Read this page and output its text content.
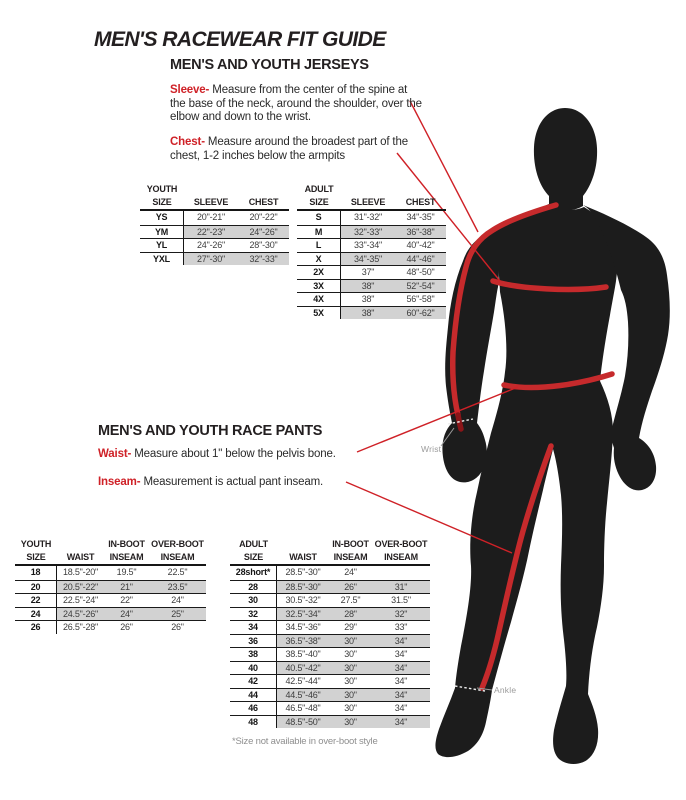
Wrist
Ankle
MEN'S RACEWEAR FIT GUIDE
MEN'S AND YOUTH JERSEYS
Sleeve- Measure from the center of the spine at the base of the neck, around the shoulder, over the elbow and down to the wrist.
Chest- Measure around the broadest part of the chest, 1-2 inches below the armpits
YOUTH
SIZE	SLEEVE	CHEST
YS	20"-21"	20"-22"
YM	22"-23"	24"-26"
YL	24"-26"	28"-30"
YXL	27"-30"	32"-33"
ADULT
SIZE	SLEEVE	CHEST
S	31"-32"	34"-35"
M	32"-33"	36"-38"
L	33"-34"	40"-42"
X	34"-35"	44"-46"
2X	37"	48"-50"
3X	38"	52"-54"
4X	38"	56"-58"
5X	38"	60"-62"
MEN'S AND YOUTH RACE PANTS
Waist- Measure about 1" below the pelvis bone.
Inseam- Measurement is actual pant inseam.
YOUTH	IN-BOOT OVER-BOOT
SIZE	WAIST	INSEAM	INSEAM
18	18.5"-20"	19.5"	22.5"
20	20.5"-22"	21"	23.5"
22	22.5"-24"	22"	24"
24	24.5"-26"	24"	25"
26	26.5"-28"	26"	26"
ADULT	IN-BOOT OVER-BOOT
SIZE	WAIST	INSEAM	INSEAM
28short*	28.5"-30"	24"
28	28.5"-30"	26"	31"
30	30.5"-32"	27.5"	31.5"
32	32.5"-34"	28"	32"
34	34.5"-36"	29"	33"
36	36.5"-38"	30"	34"
38	38.5"-40"	30"	34"
40	40.5"-42"	30"	34"
42	42.5"-44"	30"	34"
44	44.5"-46"	30"	34"
46	46.5"-48"	30"	34"
48	48.5"-50"	30"	34"
*Size not available in over-boot style
